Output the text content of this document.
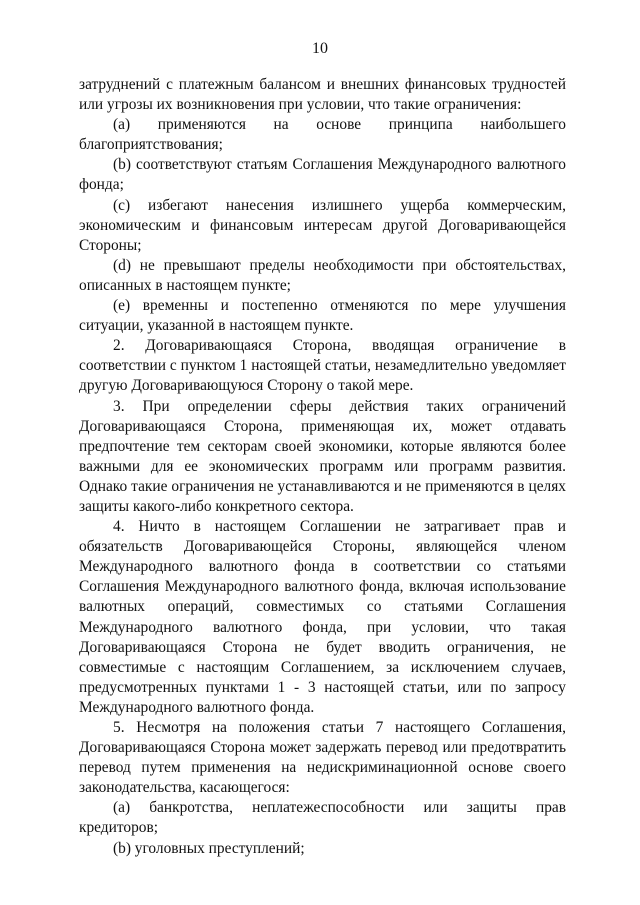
10

затруднений с платежным балансом и внешних финансовых трудностей или угрозы их возникновения при условии, что такие ограничения:

(a) применяются на основе принципа наибольшего благоприятствования;

(b) соответствуют статьям Соглашения Международного валютного фонда;

(c) избегают нанесения излишнего ущерба коммерческим, экономическим и финансовым интересам другой Договаривающейся Стороны;

(d) не превышают пределы необходимости при обстоятельствах, описанных в настоящем пункте;

(e) временны и постепенно отменяются по мере улучшения ситуации, указанной в настоящем пункте.

2. Договаривающаяся Сторона, вводящая ограничение в соответствии с пунктом 1 настоящей статьи, незамедлительно уведомляет другую Договаривающуюся Сторону о такой мере.

3. При определении сферы действия таких ограничений Договаривающаяся Сторона, применяющая их, может отдавать предпочтение тем секторам своей экономики, которые являются более важными для ее экономических программ или программ развития. Однако такие ограничения не устанавливаются и не применяются в целях защиты какого-либо конкретного сектора.

4. Ничто в настоящем Соглашении не затрагивает прав и обязательств Договаривающейся Стороны, являющейся членом Международного валютного фонда в соответствии со статьями Соглашения Международного валютного фонда, включая использование валютных операций, совместимых со статьями Соглашения Международного валютного фонда, при условии, что такая Договаривающаяся Сторона не будет вводить ограничения, не совместимые с настоящим Соглашением, за исключением случаев, предусмотренных пунктами 1 - 3 настоящей статьи, или по запросу Международного валютного фонда.

5. Несмотря на положения статьи 7 настоящего Соглашения, Договаривающаяся Сторона может задержать перевод или предотвратить перевод путем применения на недискриминационной основе своего законодательства, касающегося:

(a) банкротства, неплатежеспособности или защиты прав кредиторов;

(b) уголовных преступлений;
